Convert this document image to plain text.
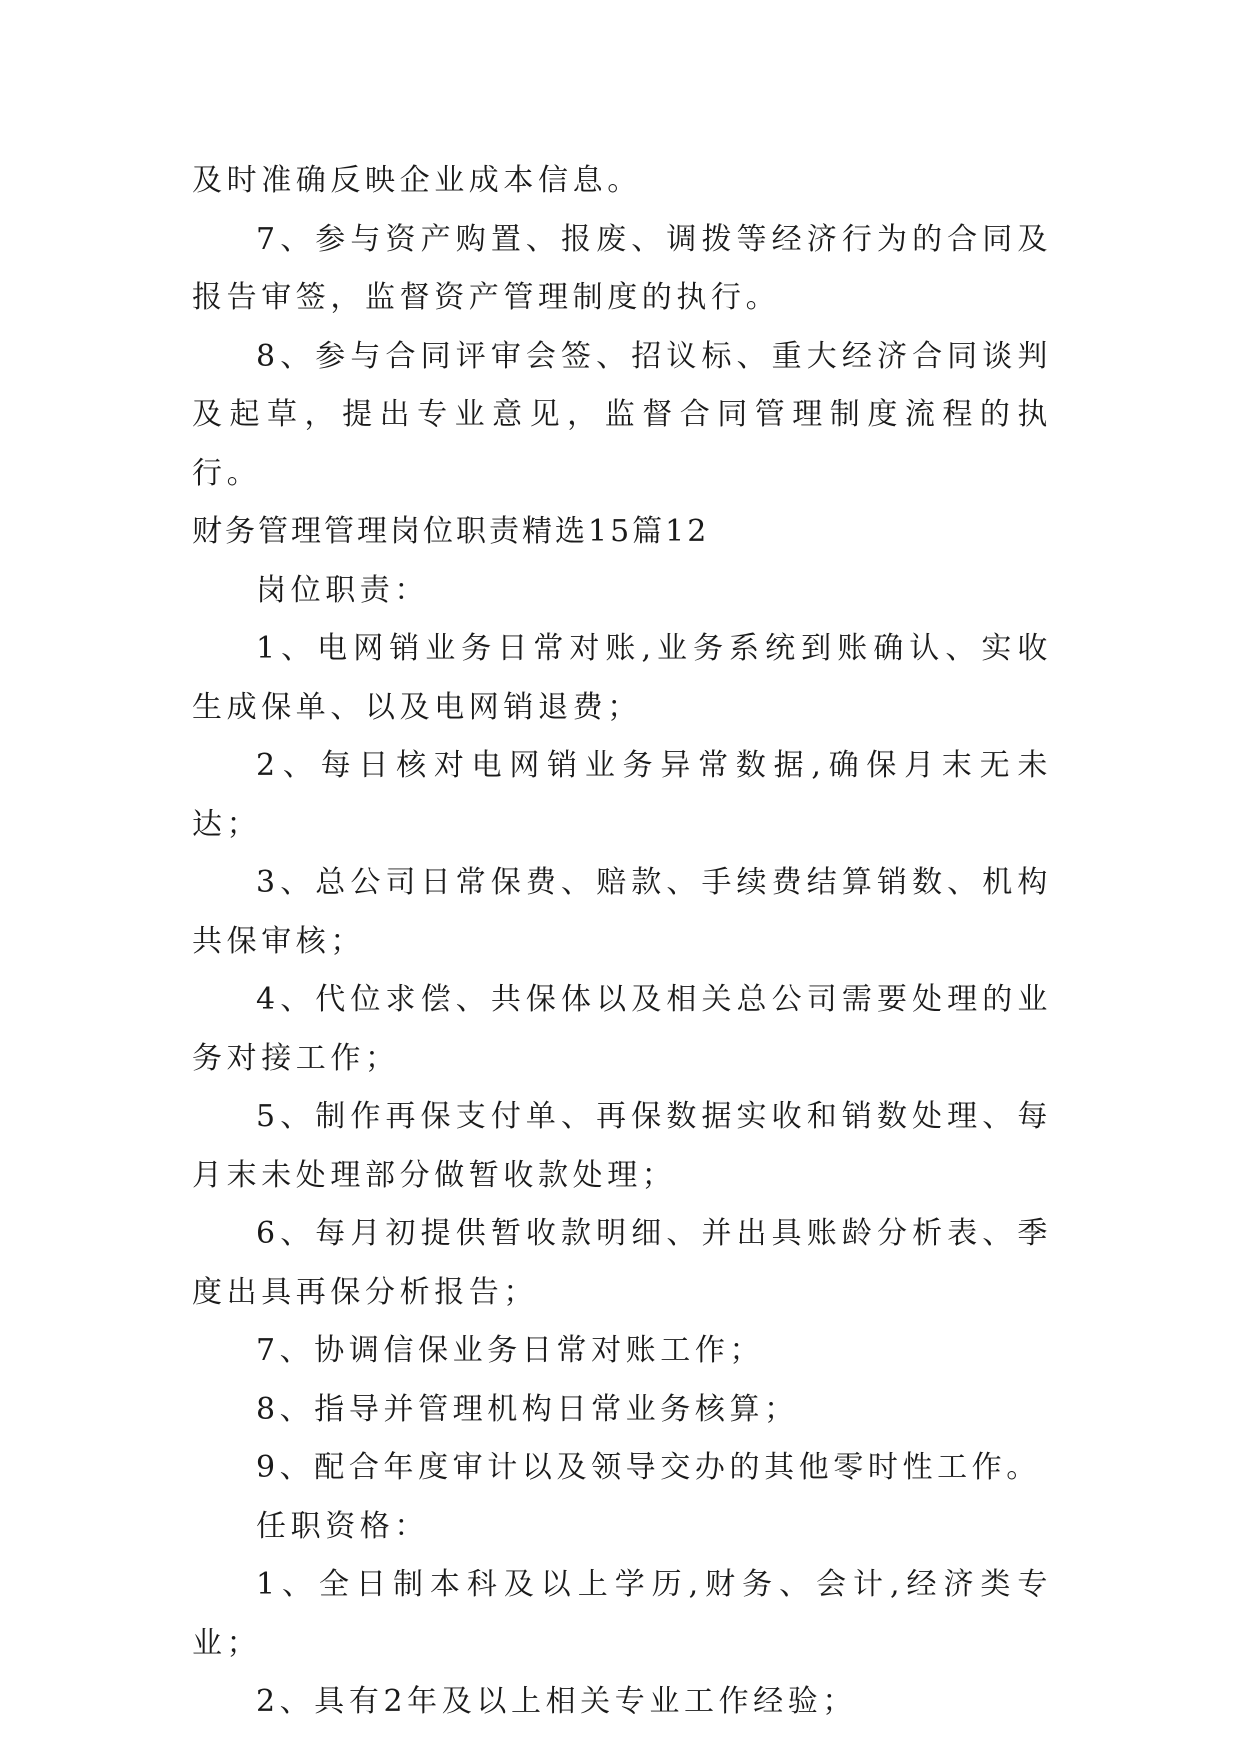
及时准确反映企业成本信息。

7、参与资产购置、报废、调拨等经济行为的合同及报告审签，监督资产管理制度的执行。

8、参与合同评审会签、招议标、重大经济合同谈判及起草，提出专业意见，监督合同管理制度流程的执行。

财务管理管理岗位职责精选15篇12

岗位职责：

1、电网销业务日常对账,业务系统到账确认、实收生成保单、以及电网销退费；

2、每日核对电网销业务异常数据,确保月末无未达；

3、总公司日常保费、赔款、手续费结算销数、机构共保审核；

4、代位求偿、共保体以及相关总公司需要处理的业务对接工作；

5、制作再保支付单、再保数据实收和销数处理、每月末未处理部分做暂收款处理；

6、每月初提供暂收款明细、并出具账龄分析表、季度出具再保分析报告；

7、协调信保业务日常对账工作；

8、指导并管理机构日常业务核算；

9、配合年度审计以及领导交办的其他零时性工作。

任职资格：

1、全日制本科及以上学历,财务、会计,经济类专业；

2、具有2年及以上相关专业工作经验；
